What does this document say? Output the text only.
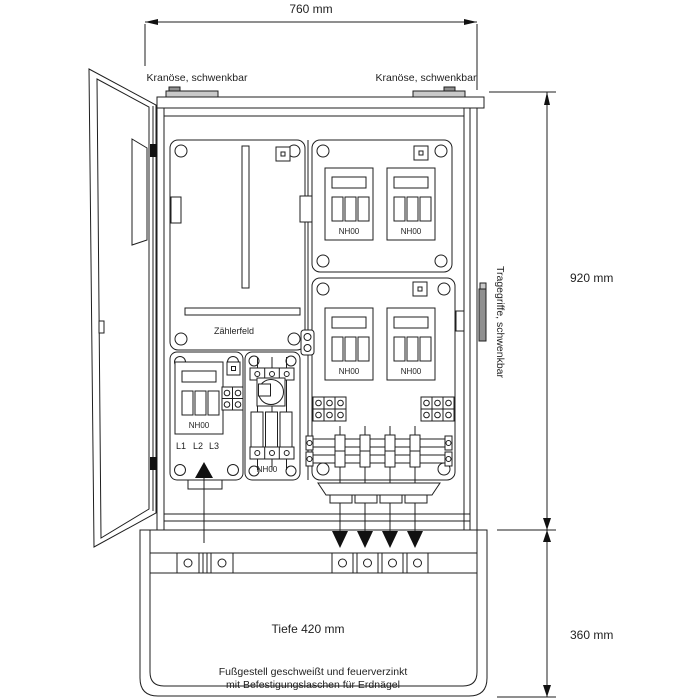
NH00
760 mm
920 mm
360 mm
Kranöse, schwenkbar	Kranöse, schwenkbar
Tiefe 420 mm
Fußgestell geschweißt und feuerverzinkt
mit Befestigungslaschen für Erdnägel
Tragegriffe, schwenkbar
Zählerfeld
L1 L2 L3
NH00
